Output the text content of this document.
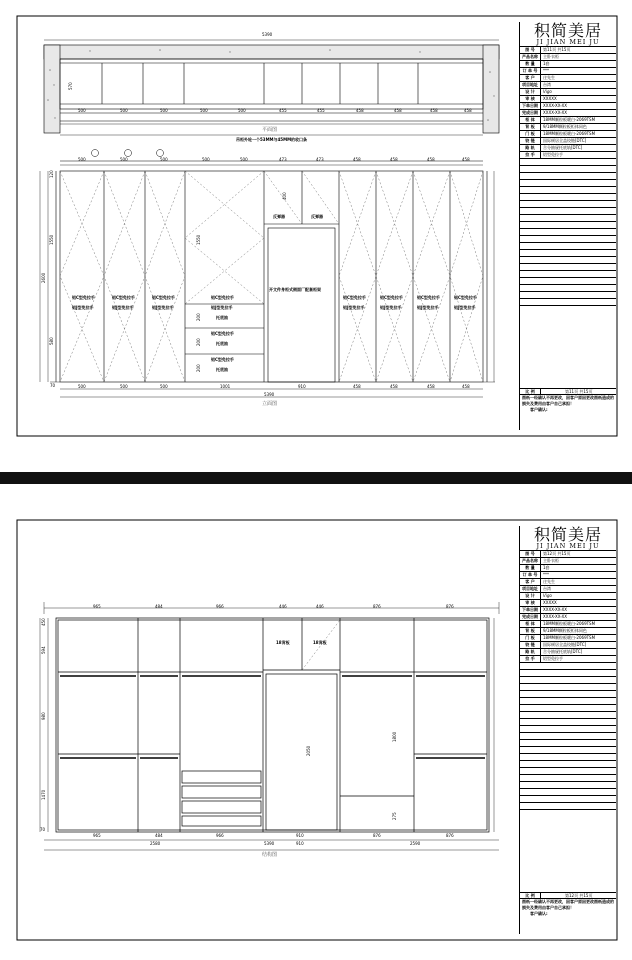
吊柜外轮一个53MM与45MM的收口条
平面图
5390
570
500	500	500	500	500	455	455	458	458	458	458
500	500	500	500	500	473	473	458	458	458	458
120
1550
2600
580
70
1550
400
200
200
200
反弹器	反弹器
开文件身柜式侧面厂配套柜架
铝C型免拉手
铝J型免拉手
铝C型免拉手
铝J型免拉手
铝C型免拉手
铝J型免拉手
铝C型免拉手
铝J型免拉手
托底抽
铝C型免拉手
托底抽
铝C型免拉手
托底抽
铝C型免拉手
铝J型免拉手
铝C型免拉手
铝J型免拉手
铝C型免拉手
铝J型免拉手
铝C型免拉手
铝J型免拉手
500	500	500	1001	910	458	458	458	458
5390
立面图
积简美居
JI JIAN MEI JU
图 号	第11页 共15页
产品名称	主卧衣柜
数 量	1套
订 单 号	***
客 户	庄先生
项目地址	台湾
设 计	Vigo
审 核	XXXXX
下单日期	XXXX-XX-XX
完成日期	XXXX-XX-XX
柜 体	18MM颗粒板暖白-2069TSM
背 板	9/18MM颗粒板柜体同色
门 板	18MM颗粒板暖白-2069TSM
铰 链	国际顿居全盖铰链[DTC]
路 轨	合分抽屉托底轨[DTC]
拉 手	铝型免拉手
比 例	第11页 共15页
图纸一经确认不再更改，因客户原因更改图纸造成的损失及费用由客户自己承担！
客户确认:
965	484	966	446	446	876	876
450
594
980
1470
70
18背板	18背板
2050
1800
275
965	484	966	910	876	876
2580	5390	910	2590
结构图
积简美居
JI JIAN MEI JU
图 号	第12页 共15页
产品名称	主卧衣柜
数 量	1套
订 单 号	***
客 户	庄先生
项目地址	台湾
设 计	Vigo
审 核	XXXXX
下单日期	XXXX-XX-XX
完成日期	XXXX-XX-XX
柜 体	18MM颗粒板暖白-2069TSM
背 板	9/18MM颗粒板柜体同色
门 板	18MM颗粒板暖白-2069TSM
铰 链	国际顿居全盖铰链[DTC]
路 轨	合分抽屉托底轨[DTC]
拉 手	铝型免拉手
比 例	第12页 共15页
图纸一经确认不再更改，因客户原因更改图纸造成的损失及费用由客户自己承担！
客户确认:
